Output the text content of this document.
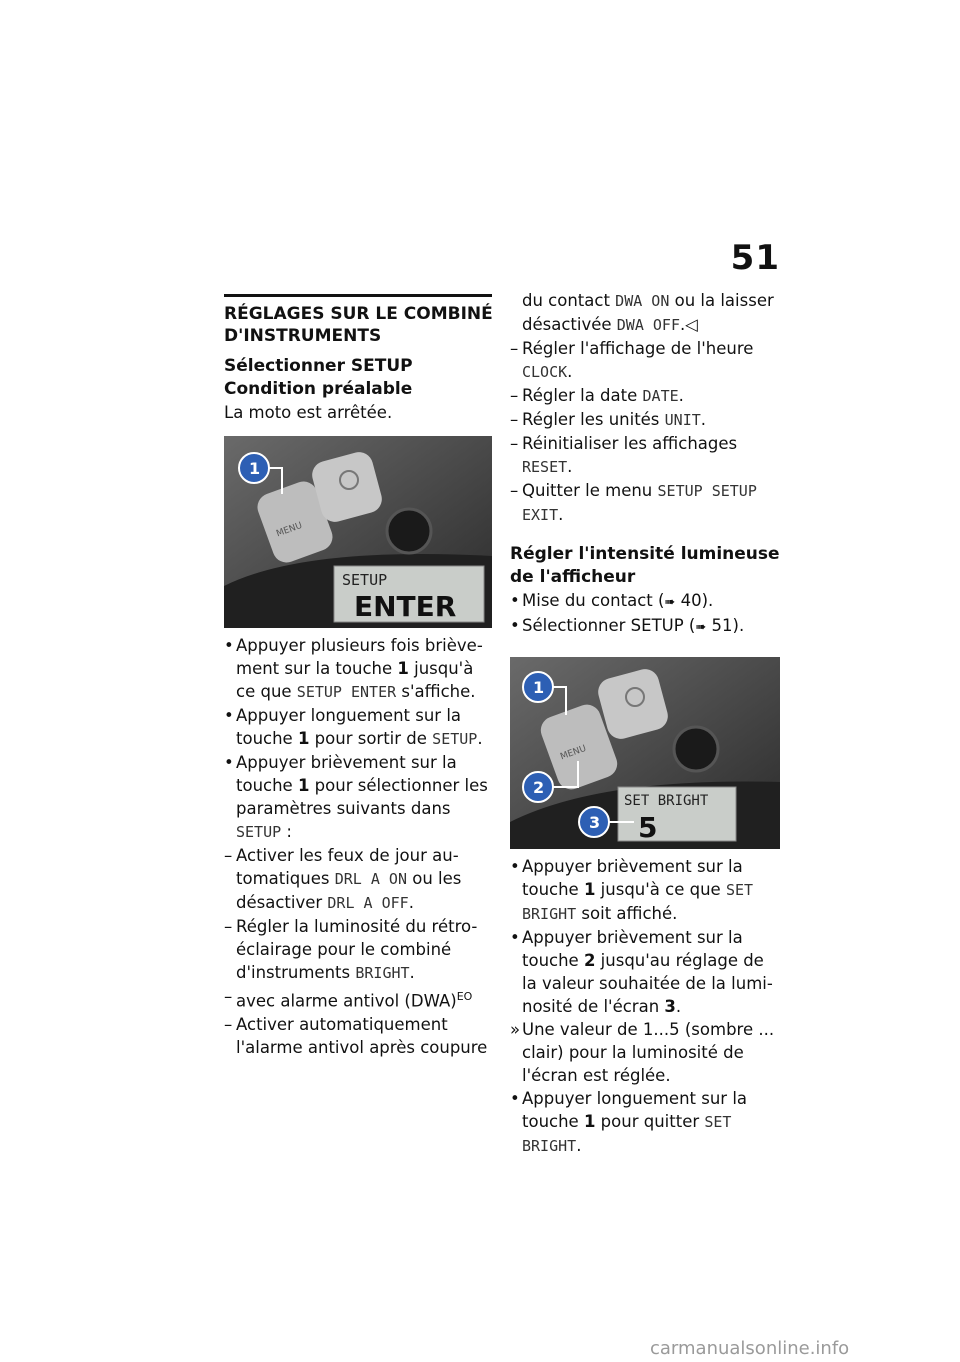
51
RÉGLAGES SUR LE COMBINÉ D'INSTRUMENTS

Sélectionner SETUP

Condition préalable

La moto est arrêtée.

SETUP
ENTER
MENU
1
• Appuyer plusieurs fois brièvement sur la touche 1 jusqu'à ce que SETUP ENTER s'affiche.
• Appuyer longuement sur la touche 1 pour sortir de SETUP.
• Appuyer brièvement sur la touche 1 pour sélectionner les paramètres suivants dans SETUP :
– Activer les feux de jour automatiques DRL A ON ou les désactiver DRL A OFF.
– Régler la luminosité du rétro-éclairage pour le combiné d'instruments BRIGHT.
– avec alarme antivol (DWA)$^{EO}$
– Activer automatiquement l'alarme antivol après coupure
du contact DWA ON ou la laisser désactivée DWA OFF.◁
– Régler l'affichage de l'heure CLOCK.
– Régler la date DATE.
– Régler les unités UNIT.
– Réinitialiser les affichages RESET.
– Quitter le menu SETUP SETUP EXIT.

Régler l'intensité lumineuse de l'afficheur

• Mise du contact (➠ 40).
• Sélectionner SETUP (➠ 51).
SET BRIGHT
5
MENU
1
2
3
• Appuyer brièvement sur la touche 1 jusqu'à ce que SET BRIGHT soit affiché.
• Appuyer brièvement sur la touche 2 jusqu'au réglage de la valeur souhaitée de la luminosité de l'écran 3.
» Une valeur de 1...5 (sombre ... clair) pour la luminosité de l'écran est réglée.
• Appuyer longuement sur la touche 1 pour quitter SET BRIGHT.
carmanualsonline.info
